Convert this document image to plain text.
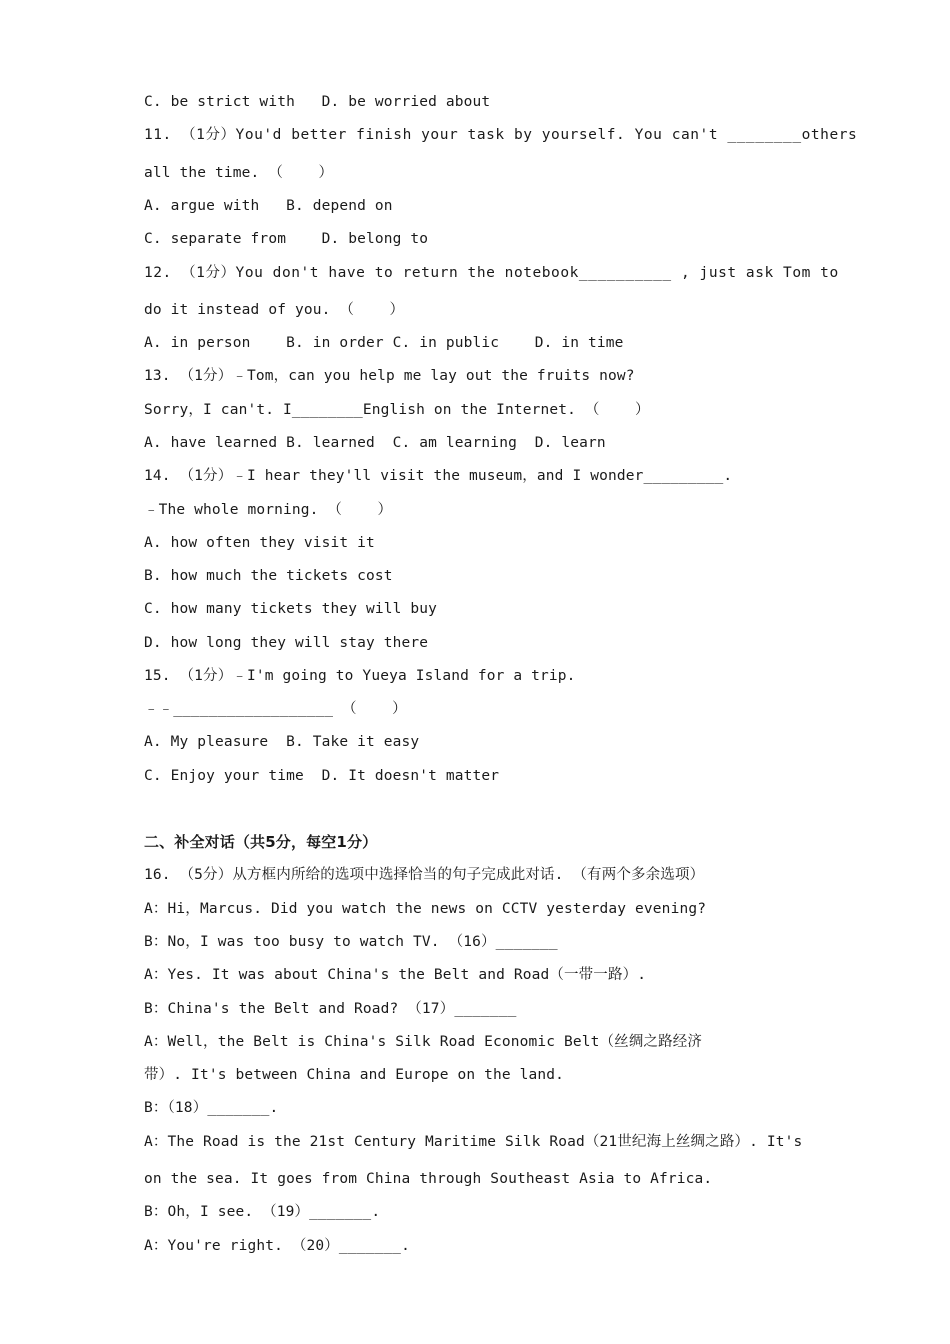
C. be strict with   D. be worried about
11. （1分）You'd better finish your task by yourself. You can't ________others
all the time. （    ）
A. argue with   B. depend on
C. separate from    D. belong to
12. （1分）You don't have to return the notebook__________ , just ask Tom to
do it instead of you. （    ）
A. in person    B. in order C. in public    D. in time
13. （1分）﹣Tom，can you help me lay out the fruits now?
Sorry，I can't. I________English on the Internet. （    ）
A. have learned B. learned  C. am learning  D. learn
14. （1分）﹣I hear they'll visit the museum，and I wonder_________.
﹣The whole morning. （    ）
A. how often they visit it
B. how much the tickets cost
C. how many tickets they will buy
D. how long they will stay there
15. （1分）﹣I'm going to Yueya Island for a trip.
﹣﹣__________________ （    ）
A. My pleasure  B. Take it easy
C. Enjoy your time  D. It doesn't matter
二、补全对话（共5分，每空1分）
16. （5分）从方框内所给的选项中选择恰当的句子完成此对话. （有两个多余选项）
A：Hi，Marcus. Did you watch the news on CCTV yesterday evening?
B：No，I was too busy to watch TV. （16）_______
A：Yes. It was about China's the Belt and Road（一带一路）.
B：China's the Belt and Road? （17）_______
A：Well，the Belt is China's Silk Road Economic Belt（丝绸之路经济
带）. It's between China and Europe on the land.
B：（18）_______.
A：The Road is the 21st Century Maritime Silk Road（21世纪海上丝绸之路）. It's
on the sea. It goes from China through Southeast Asia to Africa.
B：Oh，I see. （19）_______.
A：You're right. （20）_______.
